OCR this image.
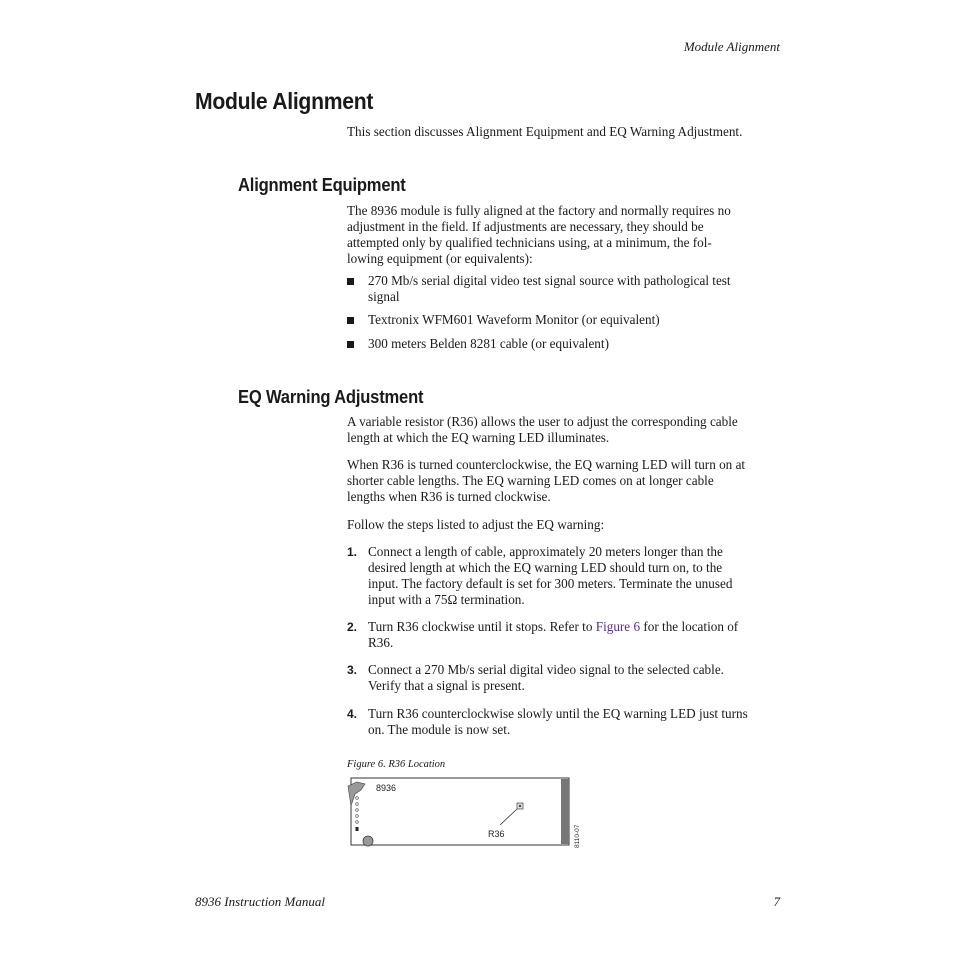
Module Alignment
Module Alignment

This section discusses Alignment Equipment and EQ Warning Adjustment.

Alignment Equipment

The 8936 module is fully aligned at the factory and normally requires no
adjustment in the field. If adjustments are necessary, they should be
attempted only by qualified technicians using, at a minimum, the fol-
lowing equipment (or equivalents):

270 Mb/s serial digital video test signal source with pathological test
signal
Textronix WFM601 Waveform Monitor (or equivalent)
300 meters Belden 8281 cable (or equivalent)
EQ Warning Adjustment

A variable resistor (R36) allows the user to adjust the corresponding cable
length at which the EQ warning LED illuminates.

When R36 is turned counterclockwise, the EQ warning LED will turn on at
shorter cable lengths. The EQ warning LED comes on at longer cable
lengths when R36 is turned clockwise.

Follow the steps listed to adjust the EQ warning:

1. Connect a length of cable, approximately 20 meters longer than the
desired length at which the EQ warning LED should turn on, to the
input. The factory default is set for 300 meters. Terminate the unused
input with a 75Ω termination.
2. Turn R36 clockwise until it stops. Refer to Figure 6 for the location of
R36.
3. Connect a 270 Mb/s serial digital video signal to the selected cable.
Verify that a signal is present.
4. Turn R36 counterclockwise slowly until the EQ warning LED just turns
on. The module is now set.
Figure 6. R36 Location
8936
R36	8110-07
8936 Instruction Manual	7
